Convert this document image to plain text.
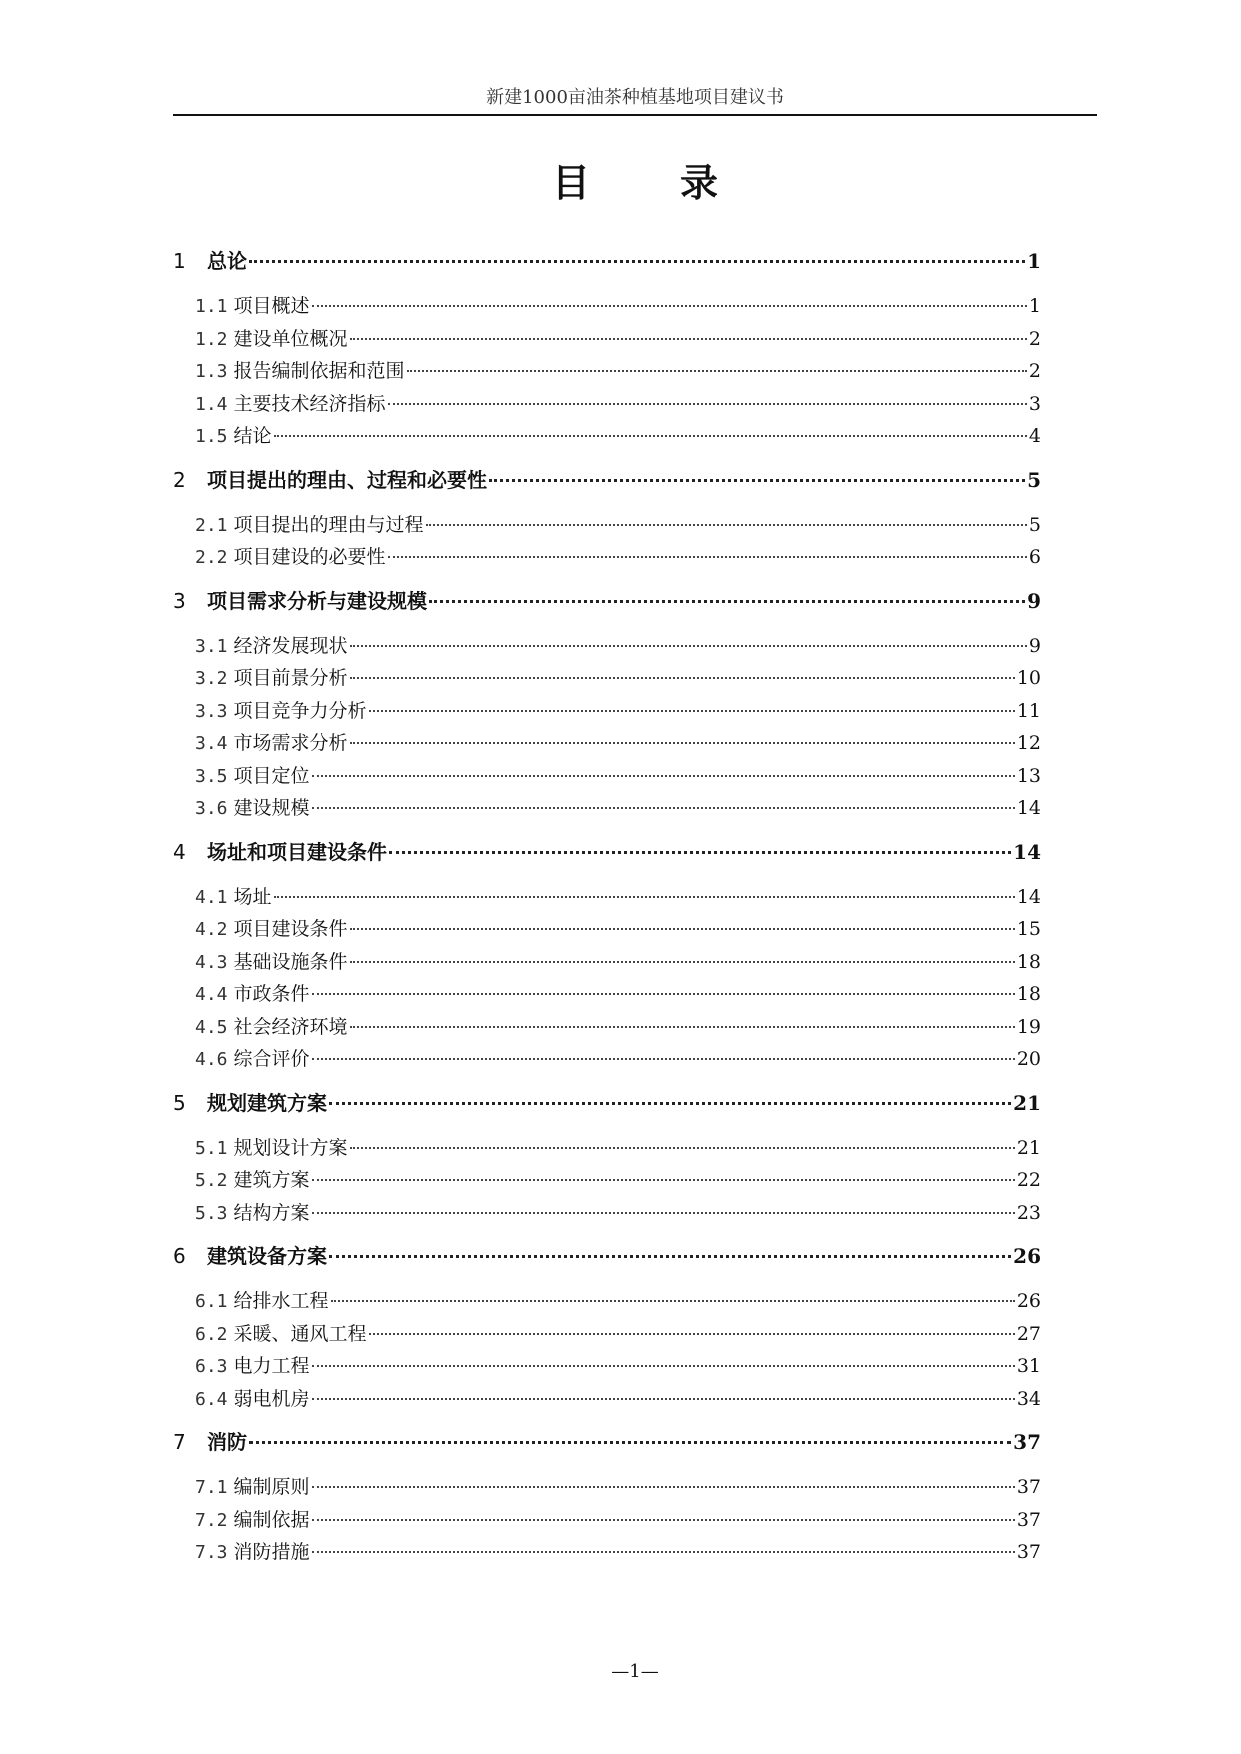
新建1000亩油茶种植基地项目建议书
目录
1	总论	1
1.1 项目概述	1
1.2 建设单位概况	2
1.3 报告编制依据和范围	2
1.4 主要技术经济指标	3
1.5 结论	4
2	项目提出的理由、过程和必要性	5
2.1 项目提出的理由与过程	5
2.2 项目建设的必要性	6
3	项目需求分析与建设规模	9
3.1 经济发展现状	9
3.2 项目前景分析	10
3.3 项目竞争力分析	11
3.4 市场需求分析	12
3.5 项目定位	13
3.6 建设规模	14
4	场址和项目建设条件	14
4.1 场址	14
4.2 项目建设条件	15
4.3 基础设施条件	18
4.4 市政条件	18
4.5 社会经济环境	19
4.6 综合评价	20
5	规划建筑方案	21
5.1 规划设计方案	21
5.2 建筑方案	22
5.3 结构方案	23
6	建筑设备方案	26
6.1 给排水工程	26
6.2 采暖、通风工程	27
6.3 电力工程	31
6.4 弱电机房	34
7	消防	37
7.1 编制原则	37
7.2 编制依据	37
7.3 消防措施	37
—1—
